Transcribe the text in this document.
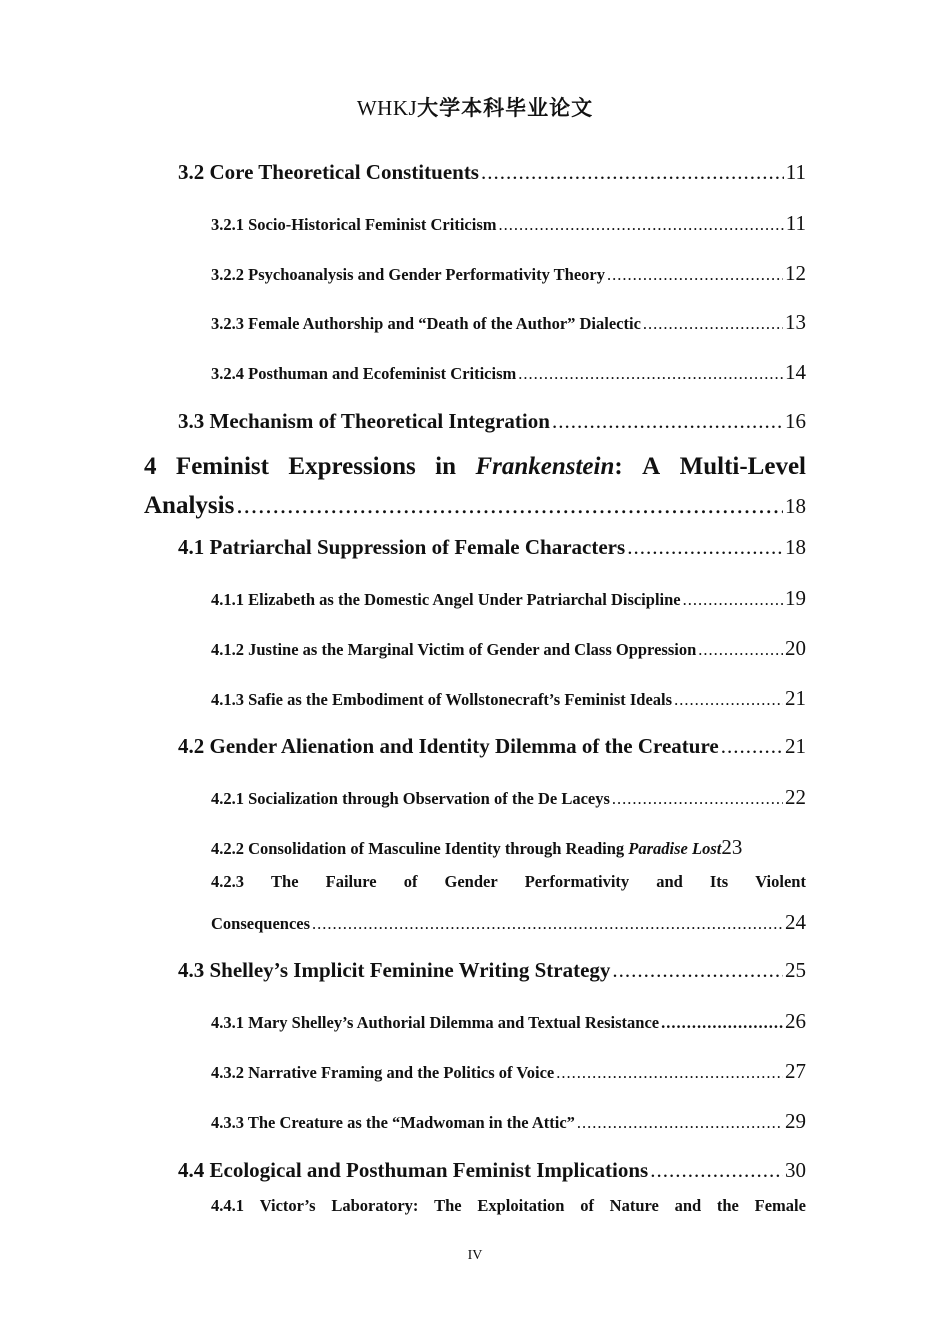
WHKJ大学本科毕业论文
3.2 Core Theoretical Constituents .....	11
3.2.1 Socio-Historical Feminist Criticism .....	11
3.2.2 Psychoanalysis and Gender Performativity Theory .....	12
3.2.3 Female Authorship and “Death of the Author” Dialectic .....	13
3.2.4 Posthuman and Ecofeminist Criticism .....	14
3.3 Mechanism of Theoretical Integration .....	16
4 Feminist Expressions in Frankenstein: A Multi-Level
Analysis .....	18
4.1 Patriarchal Suppression of Female Characters .....	18
4.1.1 Elizabeth as the Domestic Angel Under Patriarchal Discipline .....	19
4.1.2 Justine as the Marginal Victim of Gender and Class Oppression .....	20
4.1.3 Safie as the Embodiment of Wollstonecraft’s Feminist Ideals .....	21
4.2 Gender Alienation and Identity Dilemma of the Creature .....	21
4.2.1 Socialization through Observation of the De Laceys .....	22
4.2.2 Consolidation of Masculine Identity through Reading
Paradise Lost 23
4.2.3 The Failure of Gender Performativity and Its Violent
Consequences .....	24
4.3 Shelley’s Implicit Feminine Writing Strategy .....	25
4.3.1 Mary Shelley’s Authorial Dilemma and Textual Resistance .....	26
4.3.2 Narrative Framing and the Politics of Voice .....	27
4.3.3 The Creature as the “Madwoman in the Attic” .....	29
4.4 Ecological and Posthuman Feminist Implications .....	30
4.4.1 Victor’s Laboratory: The Exploitation of Nature and the Female
IV
